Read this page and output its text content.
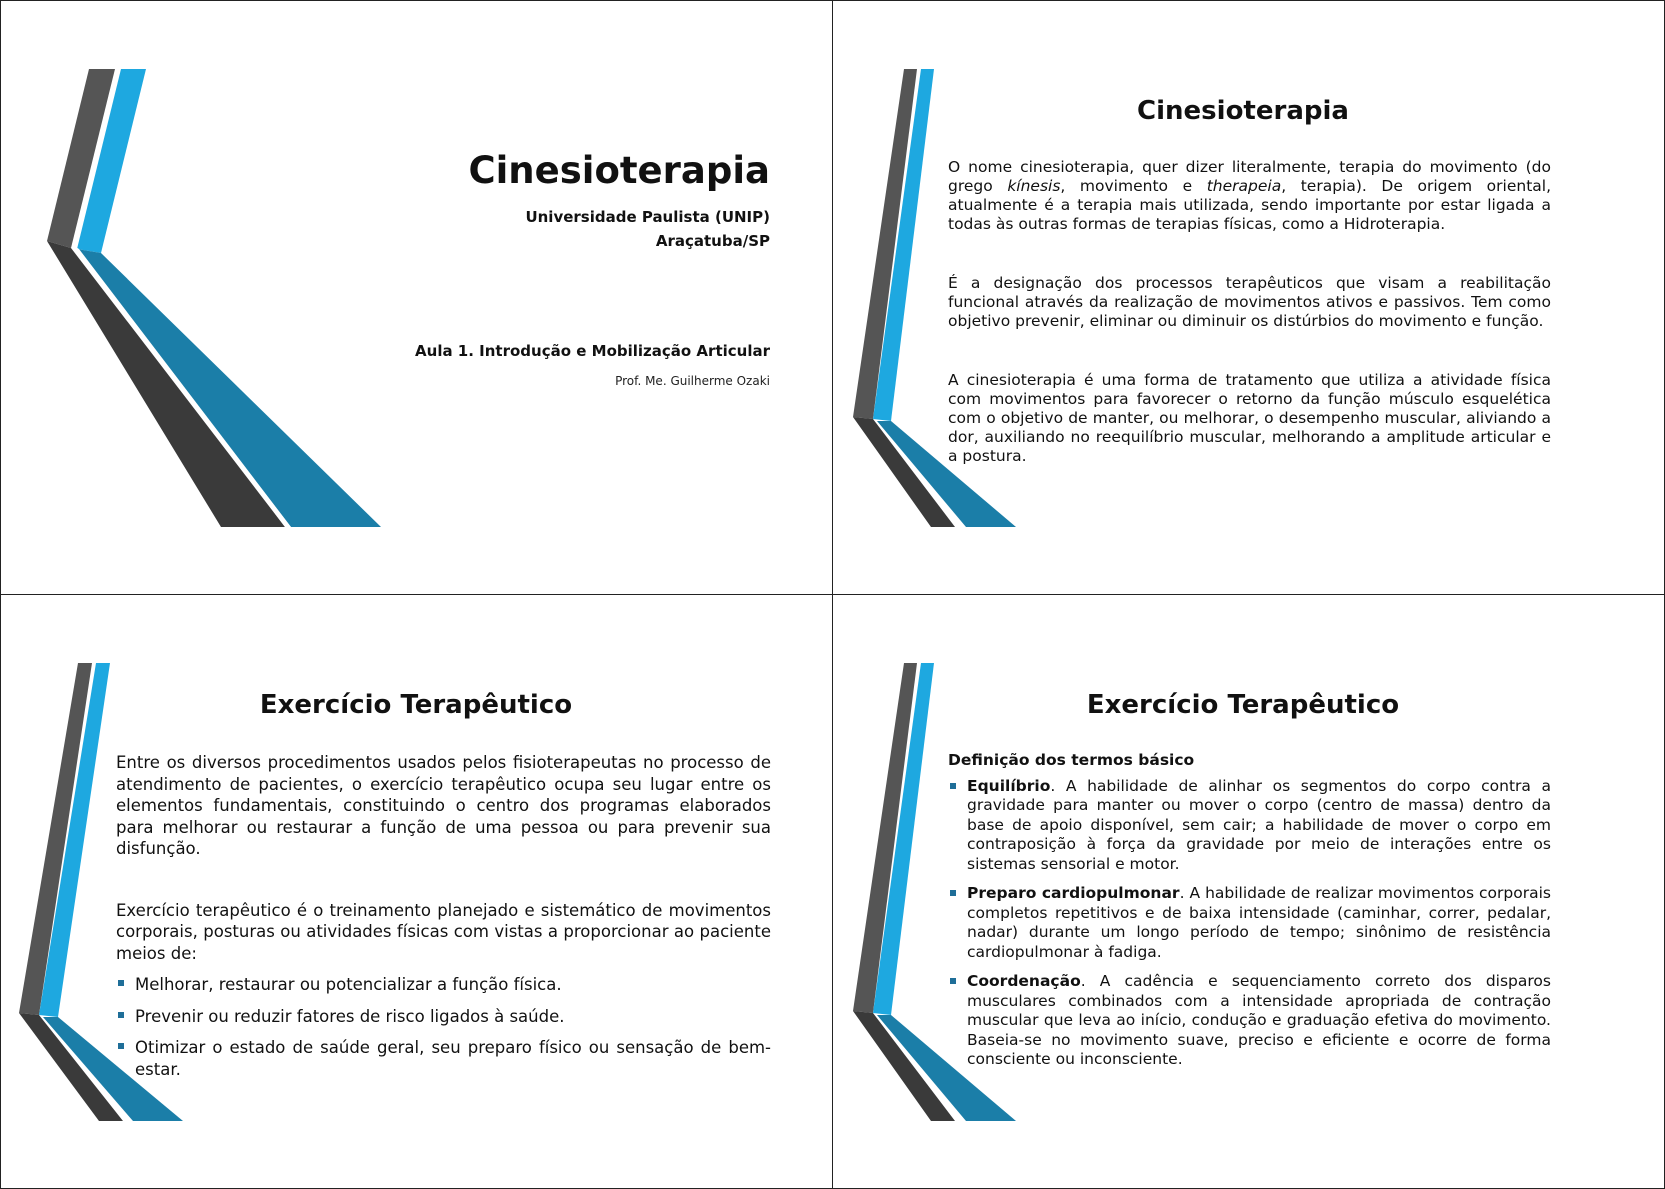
Cinesioterapia
Universidade Paulista (UNIP)
Araçatuba/SP
Aula 1. Introdução e Mobilização Articular
Prof. Me. Guilherme Ozaki
Cinesioterapia

O nome cinesioterapia, quer dizer literalmente, terapia do movimento (do grego kínesis, movimento e therapeia, terapia). De origem oriental, atualmente é a terapia mais utilizada, sendo importante por estar ligada a todas às outras formas de terapias físicas, como a Hidroterapia.

É a designação dos processos terapêuticos que visam a reabilitação funcional através da realização de movimentos ativos e passivos. Tem como objetivo prevenir, eliminar ou diminuir os distúrbios do movimento e função.

A cinesioterapia é uma forma de tratamento que utiliza a atividade física com movimentos para favorecer o retorno da função músculo esquelética com o objetivo de manter, ou melhorar, o desempenho muscular, aliviando a dor, auxiliando no reequilíbrio muscular, melhorando a amplitude articular e a postura.

Exercício Terapêutico

Entre os diversos procedimentos usados pelos fisioterapeutas no processo de atendimento de pacientes, o exercício terapêutico ocupa seu lugar entre os elementos fundamentais, constituindo o centro dos programas elaborados para melhorar ou restaurar a função de uma pessoa ou para prevenir sua disfunção.

Exercício terapêutico é o treinamento planejado e sistemático de movimentos corporais, posturas ou atividades físicas com vistas a proporcionar ao paciente meios de:

Melhorar, restaurar ou potencializar a função física.
Prevenir ou reduzir fatores de risco ligados à saúde.
Otimizar o estado de saúde geral, seu preparo físico ou sensação de bem-estar.
Exercício Terapêutico
Definição dos termos básico
Equilíbrio. A habilidade de alinhar os segmentos do corpo contra a gravidade para manter ou mover o corpo (centro de massa) dentro da base de apoio disponível, sem cair; a habilidade de mover o corpo em contraposição à força da gravidade por meio de interações entre os sistemas sensorial e motor.
Preparo cardiopulmonar. A habilidade de realizar movimentos corporais completos repetitivos e de baixa intensidade (caminhar, correr, pedalar, nadar) durante um longo período de tempo; sinônimo de resistência cardiopulmonar à fadiga.
Coordenação. A cadência e sequenciamento correto dos disparos musculares combinados com a intensidade apropriada de contração muscular que leva ao início, condução e graduação efetiva do movimento. Baseia-se no movimento suave, preciso e eficiente e ocorre de forma consciente ou inconsciente.
